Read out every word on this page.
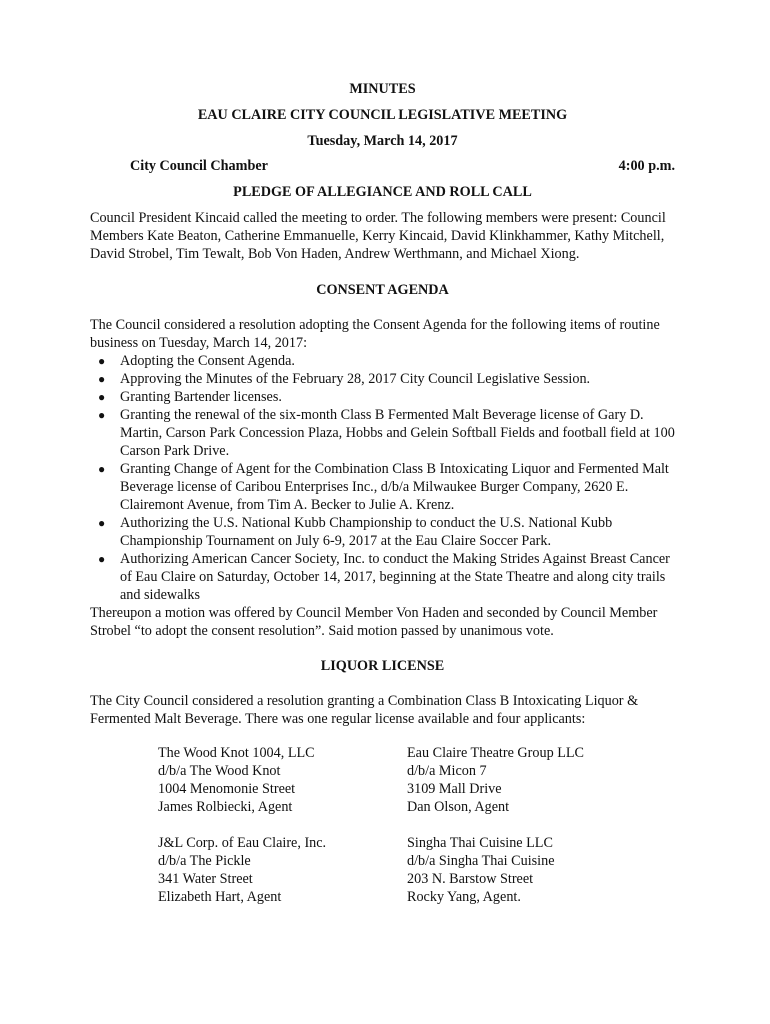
MINUTES
EAU CLAIRE CITY COUNCIL LEGISLATIVE MEETING
Tuesday, March 14, 2017
City Council Chamber	4:00 p.m.
PLEDGE OF ALLEGIANCE AND ROLL CALL

Council President Kincaid called the meeting to order. The following members were present: Council Members Kate Beaton, Catherine Emmanuelle, Kerry Kincaid, David Klinkhammer, Kathy Mitchell, David Strobel, Tim Tewalt, Bob Von Haden, Andrew Werthmann, and Michael Xiong.

CONSENT AGENDA

The Council considered a resolution adopting the Consent Agenda for the following items of routine business on Tuesday, March 14, 2017:

● Adopting the Consent Agenda.
● Approving the Minutes of the February 28, 2017 City Council Legislative Session.
● Granting Bartender licenses.
● Granting the renewal of the six-month Class B Fermented Malt Beverage license of Gary D. Martin, Carson Park Concession Plaza, Hobbs and Gelein Softball Fields and football field at 100 Carson Park Drive.
● Granting Change of Agent for the Combination Class B Intoxicating Liquor and Fermented Malt Beverage license of Caribou Enterprises Inc., d/b/a Milwaukee Burger Company, 2620 E. Clairemont Avenue, from Tim A. Becker to Julie A. Krenz.
● Authorizing the U.S. National Kubb Championship to conduct the U.S. National Kubb Championship Tournament on July 6-9, 2017 at the Eau Claire Soccer Park.
● Authorizing American Cancer Society, Inc. to conduct the Making Strides Against Breast Cancer of Eau Claire on Saturday, October 14, 2017, beginning at the State Theatre and along city trails and sidewalks

Thereupon a motion was offered by Council Member Von Haden and seconded by Council Member Strobel “to adopt the consent resolution”. Said motion passed by unanimous vote.

LIQUOR LICENSE

The City Council considered a resolution granting a Combination Class B Intoxicating Liquor & Fermented Malt Beverage. There was one regular license available and four applicants:

The Wood Knot 1004, LLC
d/b/a The Wood Knot
1004 Menomonie Street
James Rolbiecki, Agent
Eau Claire Theatre Group LLC
d/b/a Micon 7
3109 Mall Drive
Dan Olson, Agent
J&L Corp. of Eau Claire, Inc.
d/b/a The Pickle
341 Water Street
Elizabeth Hart, Agent
Singha Thai Cuisine LLC
d/b/a Singha Thai Cuisine
203 N. Barstow Street
Rocky Yang, Agent.
